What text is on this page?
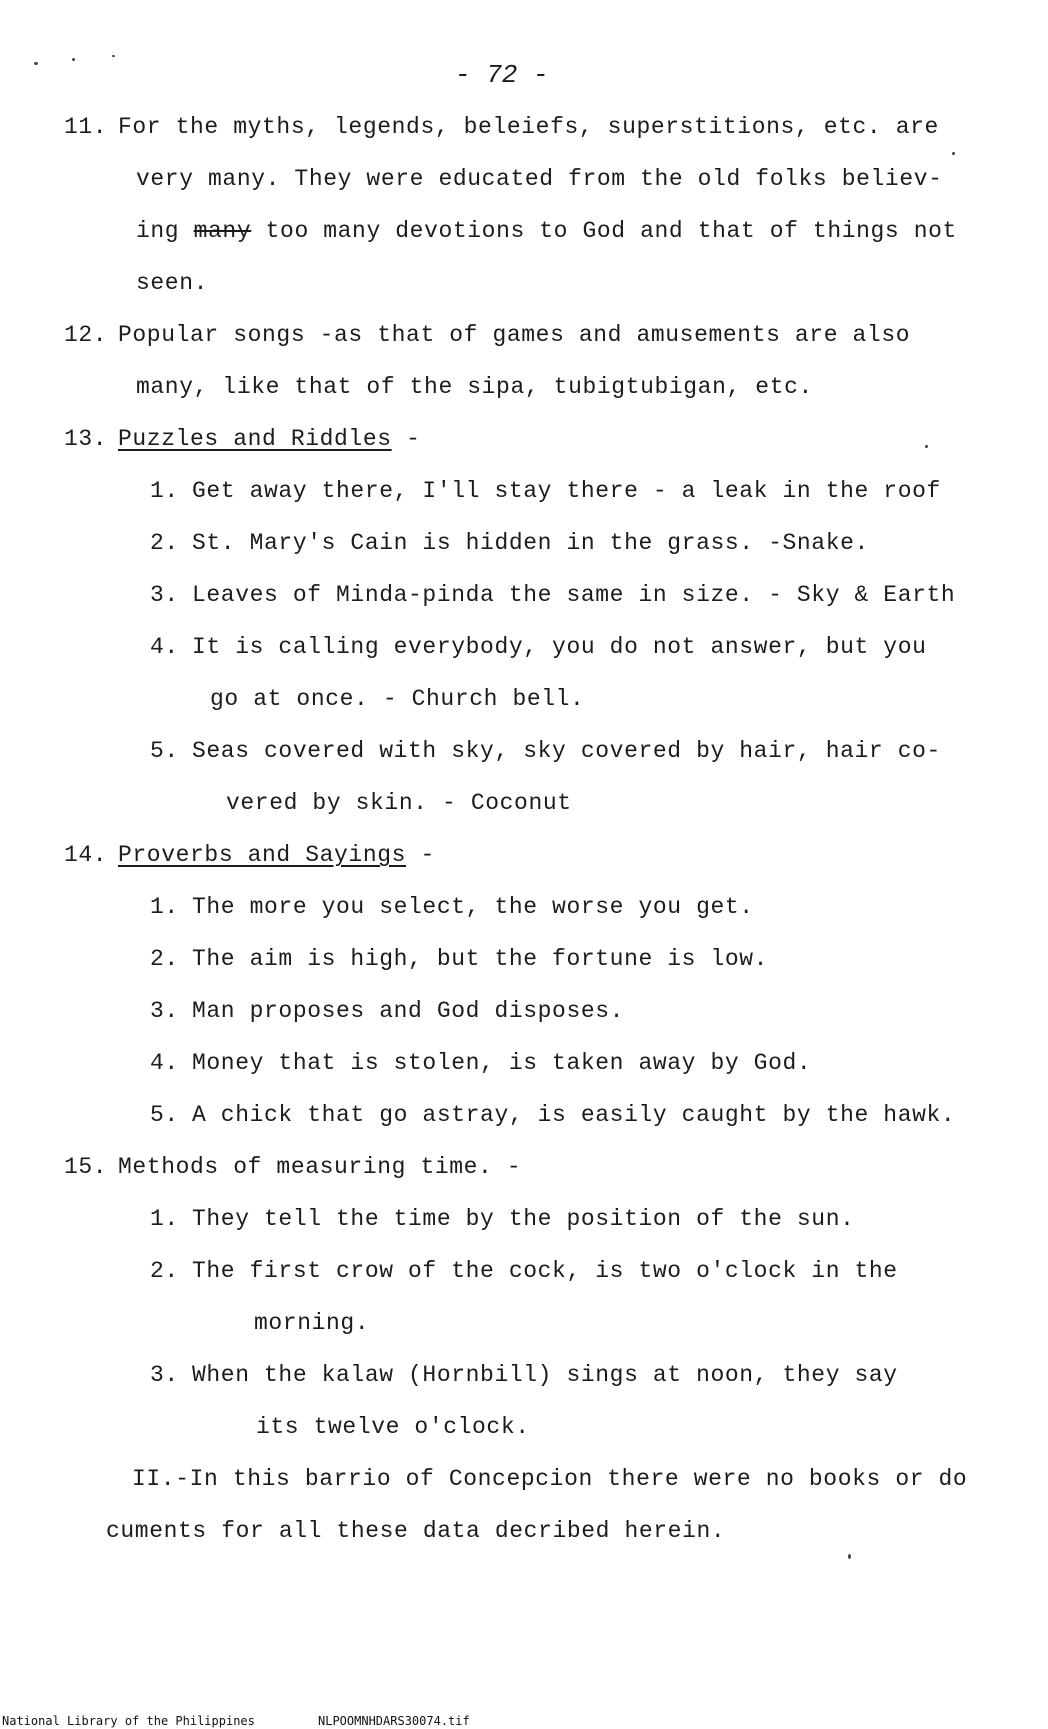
- 72 -
11. For the myths, legends, beleiefs, superstitions, etc. are
very many. They were educated from the old folks believ-
ing many too many devotions to God and that of things not
seen.
12. Popular songs -as that of games and amusements are also
many, like that of the sipa, tubigtubigan, etc.
13. Puzzles and Riddles -
1. Get away there, I'll stay there - a leak in the roof
2. St. Mary's Cain is hidden in the grass. -Snake.
3. Leaves of Minda-pinda the same in size. - Sky & Earth
4. It is calling everybody, you do not answer, but you
go at once. - Church bell.
5. Seas covered with sky, sky covered by hair, hair co-
vered by skin. - Coconut
14. Proverbs and Sayings -
1. The more you select, the worse you get.
2. The aim is high, but the fortune is low.
3. Man proposes and God disposes.
4. Money that is stolen, is taken away by God.
5. A chick that go astray, is easily caught by the hawk.
15. Methods of measuring time. -
1. They tell the time by the position of the sun.
2. The first crow of the cock, is two o'clock in the
morning.
3. When the kalaw (Hornbill) sings at noon, they say
its twelve o'clock.
II.-In this barrio of Concepcion there were no books or do
cuments for all these data decribed herein.
National Library of the Philippines	NLPOOMNHDARS30074.tif
